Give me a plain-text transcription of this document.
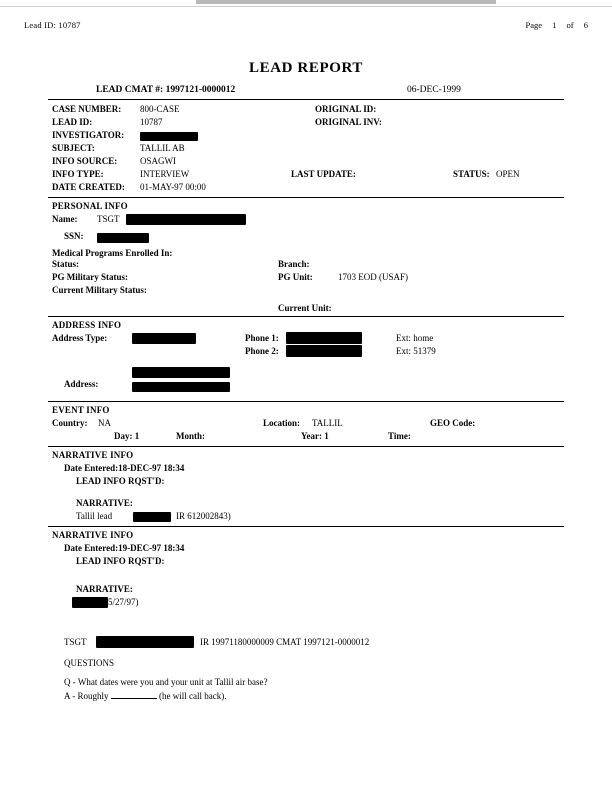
Lead ID: 10787	Page 1 of 6
LEAD REPORT
LEAD CMAT #: 1997121-0000012	06-DEC-1999
CASE NUMBER: 800-CASE	ORIGINAL ID:
LEAD ID:	10787	ORIGINAL INV:
INVESTIGATOR:
SUBJECT:	TALLIL AB
INFO SOURCE:	OSAGWI
INFO TYPE:	INTERVIEW	LAST UPDATE:	STATUS: OPEN
DATE CREATED: 01-MAY-97 00:00
PERSONAL INFO
Name: TSGT
SSN:
Medical Programs Enrolled In:
Status:	Branch:
PG Military Status:	PG Unit:	1703 EOD (USAF)
Current Military Status:
Current Unit:
ADDRESS INFO
Address Type:	Phone 1:	Ext: home
Phone 2:	Ext: 51379
Address:
EVENT INFO
Country: NA	Location: TALLIL	GEO Code:
Day: 1	Month:	Year: 1	Time:
NARRATIVE INFO
Date Entered:18-DEC-97 18:34
LEAD INFO RQST'D:
NARRATIVE:
Tallil lead	IR 612002843)
NARRATIVE INFO
Date Entered:19-DEC-97 18:34
LEAD INFO RQST'D:
NARRATIVE:
5/27/97)
TSGT	IR 19971180000009 CMAT 1997121-0000012
QUESTIONS
Q - What dates were you and your unit at Tallil air base?
A - Roughly	(he will call back).
